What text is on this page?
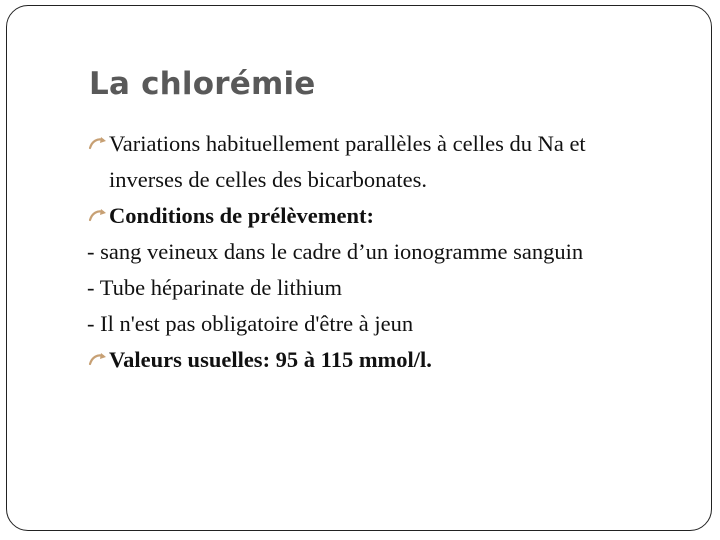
La chlorémie
Variations habituellement parallèles à celles du Na et
inverses de celles des bicarbonates.
Conditions de prélèvement:
- sang veineux dans le cadre d’un ionogramme sanguin
- Tube héparinate de lithium
- Il n'est pas obligatoire d'être à jeun
Valeurs usuelles: 95 à 115 mmol/l.
